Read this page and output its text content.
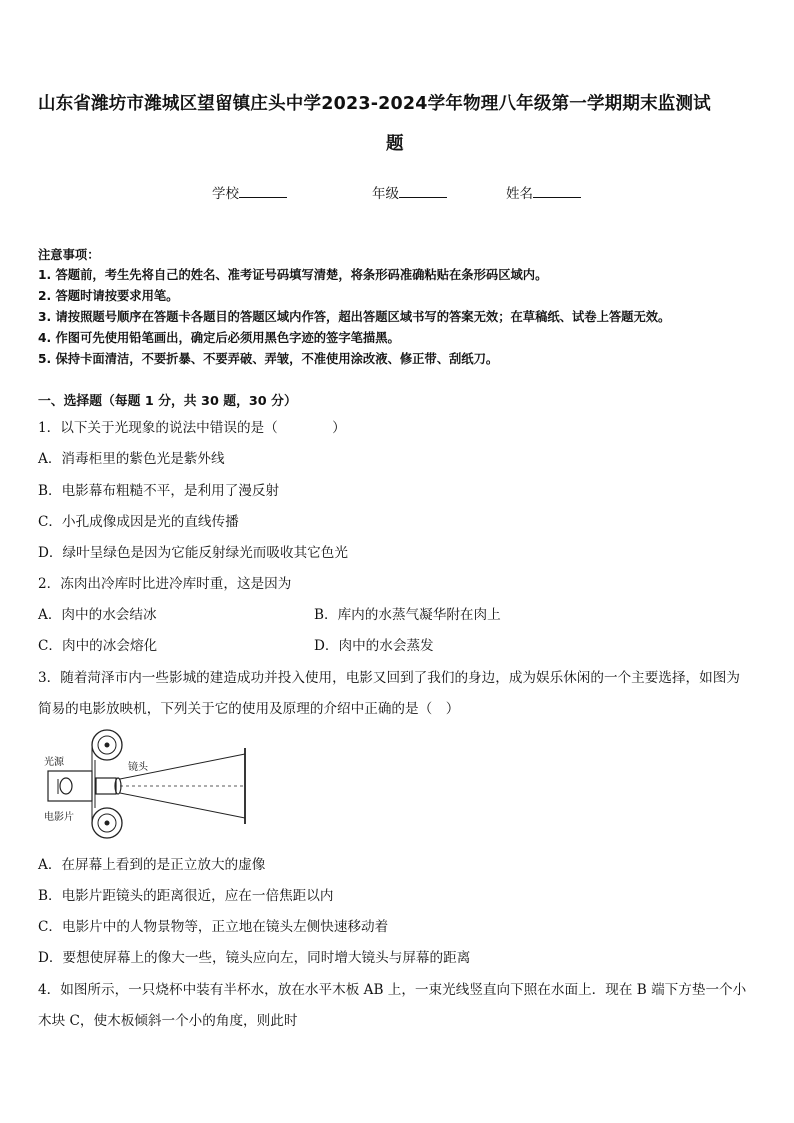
山东省潍坊市潍城区望留镇庄头中学2023-2024学年物理八年级第一学期期末监测试
题
学校	年级	姓名
注意事项：
1. 答题前，考生先将自己的姓名、准考证号码填写清楚，将条形码准确粘贴在条形码区域内。
2. 答题时请按要求用笔。
3. 请按照题号顺序在答题卡各题目的答题区域内作答，超出答题区域书写的答案无效；在草稿纸、试卷上答题无效。
4. 作图可先使用铅笔画出，确定后必须用黑色字迹的签字笔描黑。
5. 保持卡面清洁，不要折暴、不要弄破、弄皱，不准使用涂改液、修正带、刮纸刀。
一、选择题（每题 1 分，共 30 题，30 分）
1．以下关于光现象的说法中错误的是（　　　　）
A．消毒柜里的紫色光是紫外线
B．电影幕布粗糙不平，是利用了漫反射
C．小孔成像成因是光的直线传播
D．绿叶呈绿色是因为它能反射绿光而吸收其它色光
2．冻肉出冷库时比进冷库时重，这是因为
A．肉中的水会结冰	B．库内的水蒸气凝华附在肉上
C．肉中的冰会熔化	D．肉中的水会蒸发
3．随着菏泽市内一些影城的建造成功并投入使用，电影又回到了我们的身边，成为娱乐休闲的一个主要选择，如图为
简易的电影放映机，下列关于它的使用及原理的介绍中正确的是（　）
光源	镜头
电影片
A．在屏幕上看到的是正立放大的虚像
B．电影片距镜头的距离很近，应在一倍焦距以内
C．电影片中的人物景物等，正立地在镜头左侧快速移动着
D．要想使屏幕上的像大一些，镜头应向左，同时增大镜头与屏幕的距离
4．如图所示，一只烧杯中装有半杯水，放在水平木板 AB 上，一束光线竖直向下照在水面上．现在 B 端下方垫一个小
木块 C，使木板倾斜一个小的角度，则此时
